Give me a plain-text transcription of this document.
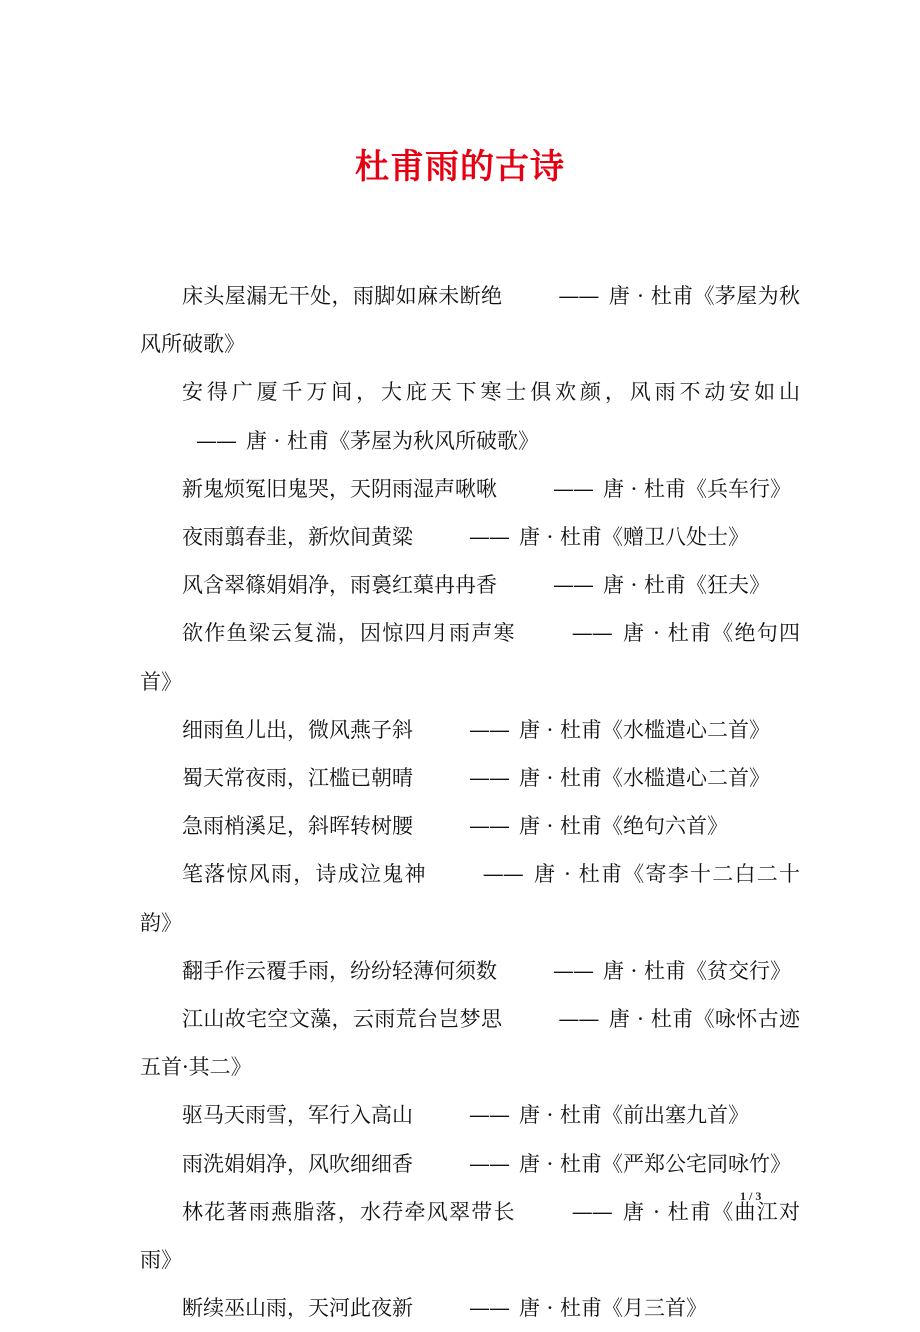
杜甫雨的古诗

床头屋漏无干处，雨脚如麻未断绝	—— 唐 · 杜甫《茅屋为秋风所破歌》

安得广厦千万间，大庇天下寒士俱欢颜，风雨不动安如山—— 唐 · 杜甫《茅屋为秋风所破歌》

新鬼烦冤旧鬼哭，天阴雨湿声啾啾	—— 唐 · 杜甫《兵车行》

夜雨翦春韭，新炊间黄粱	—— 唐 · 杜甫《赠卫八处士》

风含翠篠娟娟净，雨裛红蕖冉冉香	—— 唐 · 杜甫《狂夫》

欲作鱼梁云复湍，因惊四月雨声寒	—— 唐 · 杜甫《绝句四首》

细雨鱼儿出，微风燕子斜	—— 唐 · 杜甫《水槛遣心二首》

蜀天常夜雨，江槛已朝晴	—— 唐 · 杜甫《水槛遣心二首》

急雨梢溪足，斜晖转树腰	—— 唐 · 杜甫《绝句六首》

笔落惊风雨，诗成泣鬼神	—— 唐 · 杜甫《寄李十二白二十韵》

翻手作云覆手雨，纷纷轻薄何须数	—— 唐 · 杜甫《贫交行》

江山故宅空文藻，云雨荒台岂梦思	—— 唐 · 杜甫《咏怀古迹五首·其二》

驱马天雨雪，军行入高山	—— 唐 · 杜甫《前出塞九首》

雨洗娟娟净，风吹细细香	—— 唐 · 杜甫《严郑公宅同咏竹》

林花著雨燕脂落，水荇牵风翠带长	—— 唐 · 杜甫《曲江对雨》

断续巫山雨，天河此夜新	—— 唐 · 杜甫《月三首》

1 / 3
